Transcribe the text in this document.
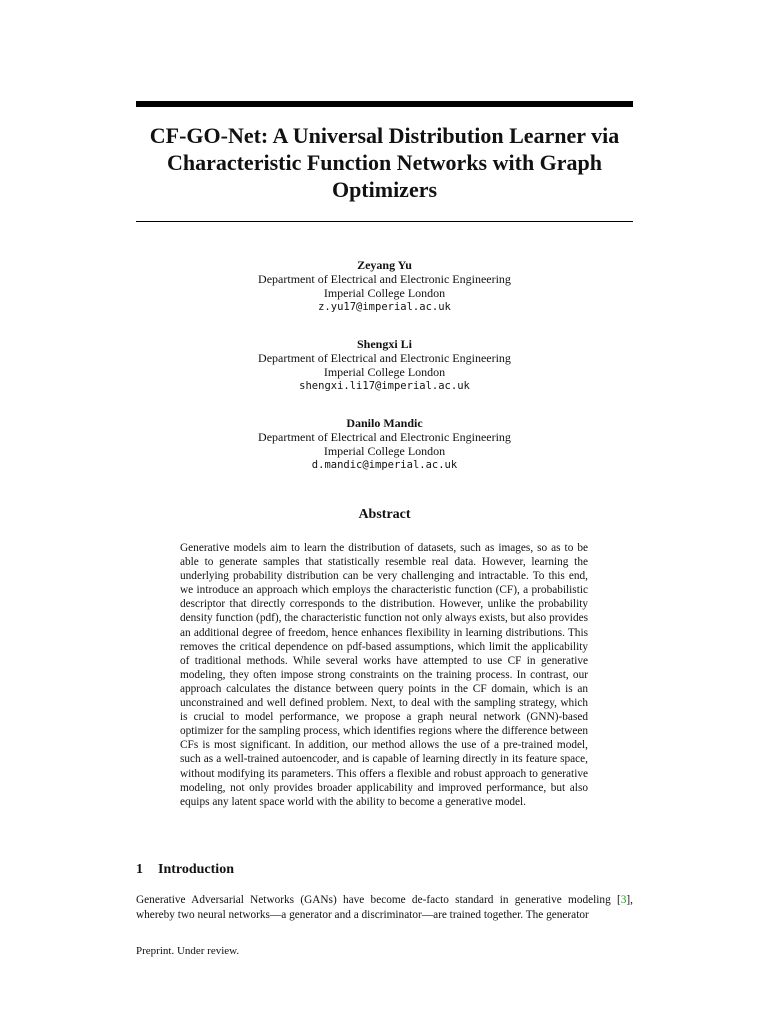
CF-GO-Net: A Universal Distribution Learner via Characteristic Function Networks with Graph Optimizers
Zeyang Yu
Department of Electrical and Electronic Engineering
Imperial College London
z.yu17@imperial.ac.uk
Shengxi Li
Department of Electrical and Electronic Engineering
Imperial College London
shengxi.li17@imperial.ac.uk
Danilo Mandic
Department of Electrical and Electronic Engineering
Imperial College London
d.mandic@imperial.ac.uk
Abstract

Generative models aim to learn the distribution of datasets, such as images, so as to be able to generate samples that statistically resemble real data. However, learning the underlying probability distribution can be very challenging and intractable. To this end, we introduce an approach which employs the characteristic function (CF), a probabilistic descriptor that directly corresponds to the distribution. However, unlike the probability density function (pdf), the characteristic function not only always exists, but also provides an additional degree of freedom, hence enhances flexibility in learning distributions. This removes the critical dependence on pdf-based assumptions, which limit the applicability of traditional methods. While several works have attempted to use CF in generative modeling, they often impose strong constraints on the training process. In contrast, our approach calculates the distance between query points in the CF domain, which is an unconstrained and well defined problem. Next, to deal with the sampling strategy, which is crucial to model performance, we propose a graph neural network (GNN)-based optimizer for the sampling process, which identifies regions where the difference between CFs is most significant. In addition, our method allows the use of a pre-trained model, such as a well-trained autoencoder, and is capable of learning directly in its feature space, without modifying its parameters. This offers a flexible and robust approach to generative modeling, not only provides broader applicability and improved performance, but also equips any latent space world with the ability to become a generative model.

1 Introduction

Generative Adversarial Networks (GANs) have become de-facto standard in generative modeling [3], whereby two neural networks—a generator and a discriminator—are trained together. The generator

Preprint. Under review.
